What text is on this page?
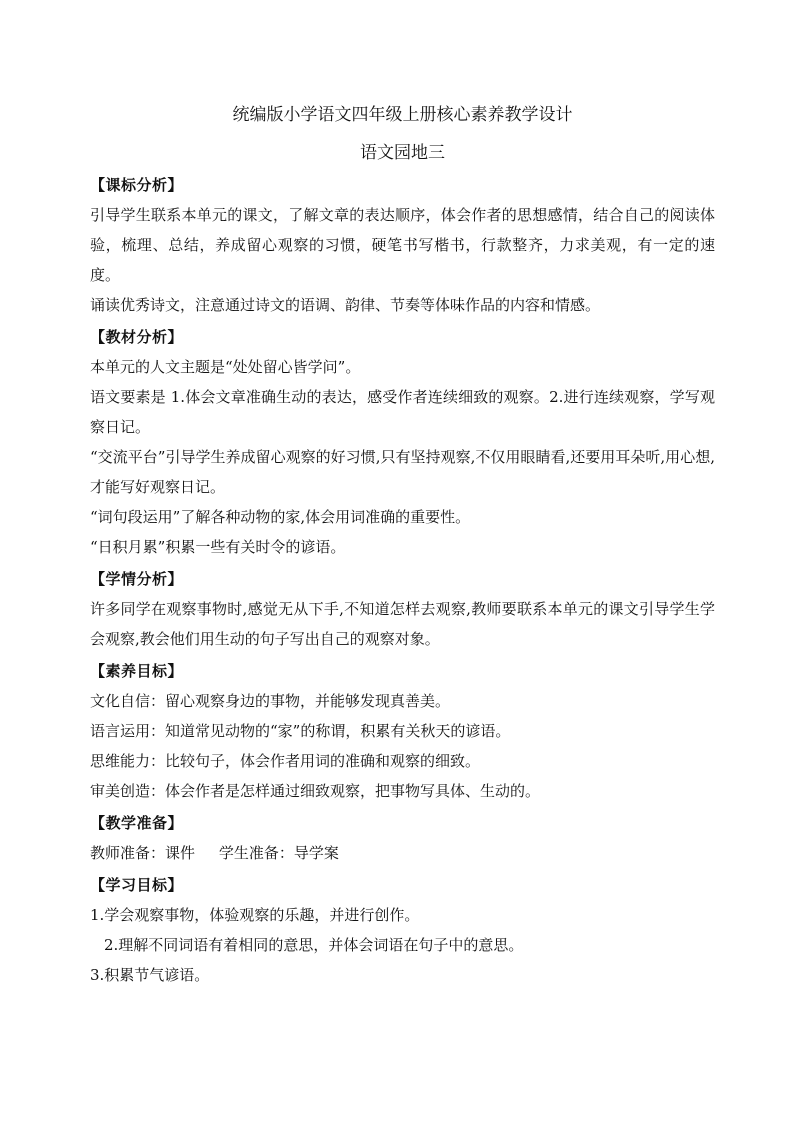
统编版小学语文四年级上册核心素养教学设计

语文园地三

【课标分析】

引导学生联系本单元的课文，了解文章的表达顺序，体会作者的思想感情，结合自己的阅读体验，梳理、总结，养成留心观察的习惯，硬笔书写楷书，行款整齐，力求美观，有一定的速度。

诵读优秀诗文，注意通过诗文的语调、韵律、节奏等体味作品的内容和情感。

【教材分析】

本单元的人文主题是“处处留心皆学问”。

语文要素是 1.体会文章准确生动的表达，感受作者连续细致的观察。2.进行连续观察，学写观察日记。

“交流平台”引导学生养成留心观察的好习惯,只有坚持观察,不仅用眼睛看,还要用耳朵听,用心想,才能写好观察日记。

“词句段运用”了解各种动物的家,体会用词准确的重要性。

“日积月累”积累一些有关时令的谚语。

【学情分析】

许多同学在观察事物时,感觉无从下手,不知道怎样去观察,教师要联系本单元的课文引导学生学会观察,教会他们用生动的句子写出自己的观察对象。

【素养目标】

文化自信：留心观察身边的事物，并能够发现真善美。

语言运用：知道常见动物的“家”的称谓，积累有关秋天的谚语。

思维能力：比较句子，体会作者用词的准确和观察的细致。

审美创造：体会作者是怎样通过细致观察，把事物写具体、生动的。

【教学准备】

教师准备：课件     学生准备：导学案

【学习目标】

1.学会观察事物，体验观察的乐趣，并进行创作。

2.理解不同词语有着相同的意思，并体会词语在句子中的意思。

3.积累节气谚语。
